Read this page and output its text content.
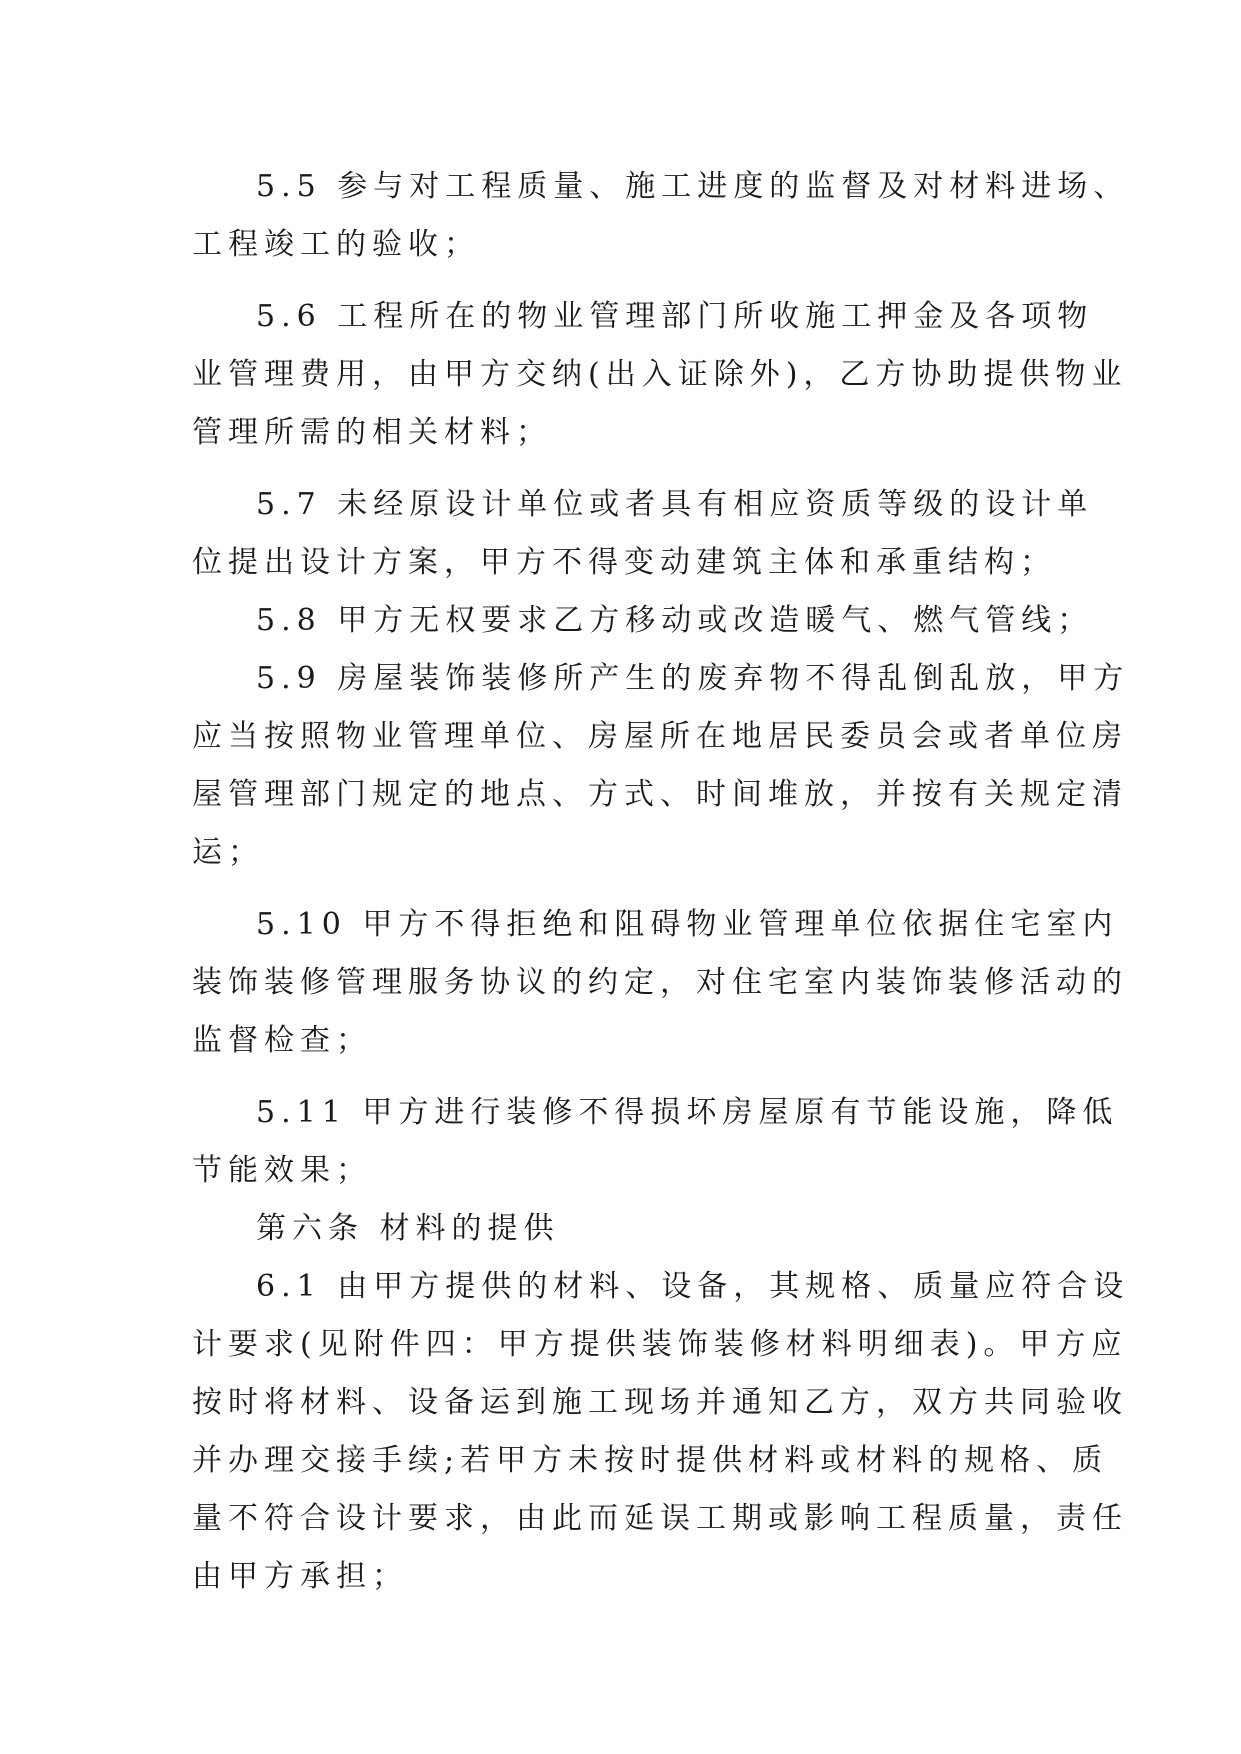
5.5 参与对工程质量、施工进度的监督及对材料进场、
工程竣工的验收；
5.6 工程所在的物业管理部门所收施工押金及各项物
业管理费用，由甲方交纳(出入证除外)，乙方协助提供物业
管理所需的相关材料；
5.7 未经原设计单位或者具有相应资质等级的设计单
位提出设计方案，甲方不得变动建筑主体和承重结构；
5.8 甲方无权要求乙方移动或改造暖气、燃气管线；
5.9 房屋装饰装修所产生的废弃物不得乱倒乱放，甲方
应当按照物业管理单位、房屋所在地居民委员会或者单位房
屋管理部门规定的地点、方式、时间堆放，并按有关规定清
运；
5.10 甲方不得拒绝和阻碍物业管理单位依据住宅室内
装饰装修管理服务协议的约定，对住宅室内装饰装修活动的
监督检查；
5.11 甲方进行装修不得损坏房屋原有节能设施，降低
节能效果；
第六条 材料的提供
6.1 由甲方提供的材料、设备，其规格、质量应符合设
计要求(见附件四：甲方提供装饰装修材料明细表)。甲方应
按时将材料、设备运到施工现场并通知乙方，双方共同验收
并办理交接手续;若甲方未按时提供材料或材料的规格、质
量不符合设计要求，由此而延误工期或影响工程质量，责任
由甲方承担；
